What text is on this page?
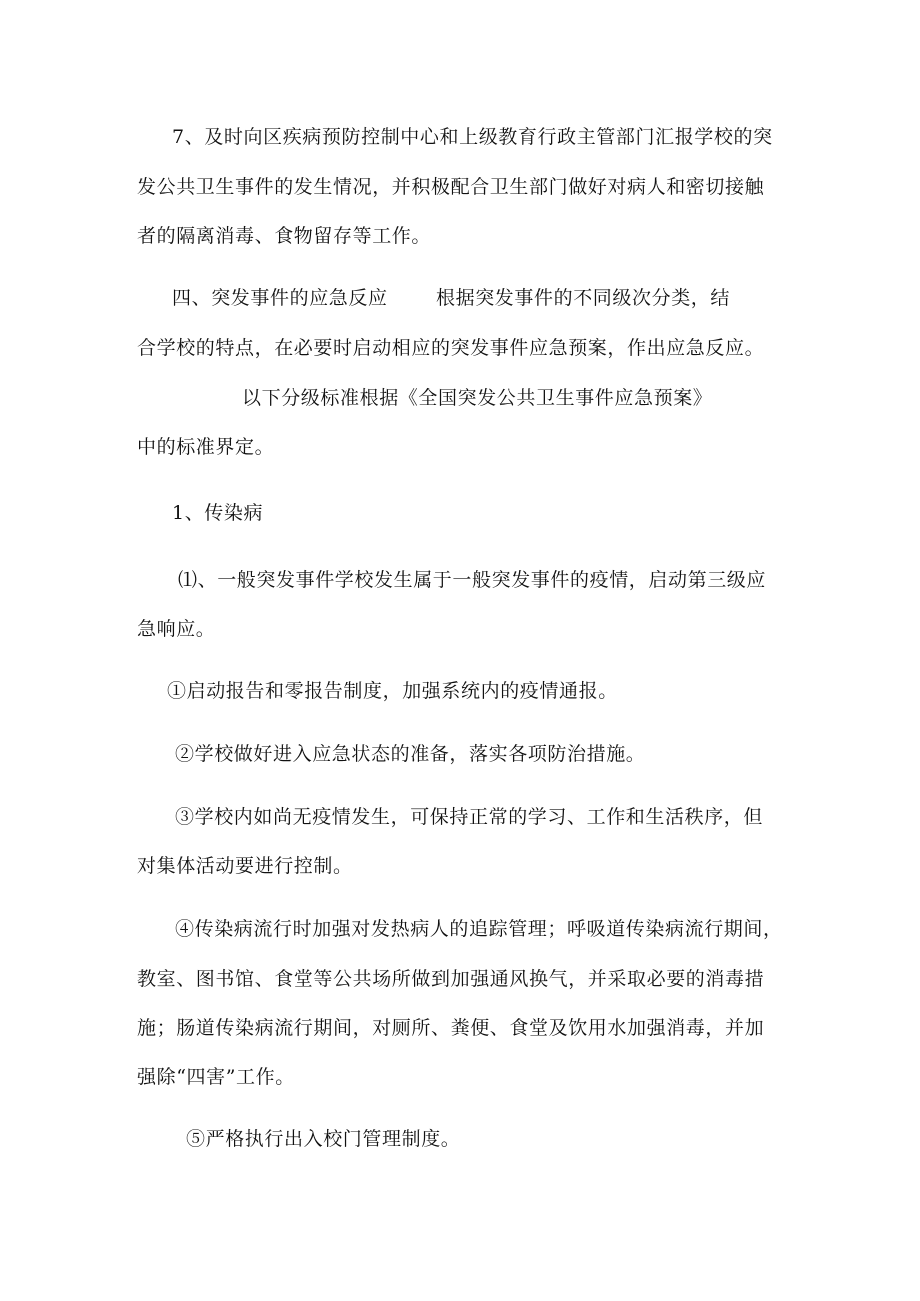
7、及时向区疾病预防控制中心和上级教育行政主管部门汇报学校的突
发公共卫生事件的发生情况，并积极配合卫生部门做好对病人和密切接触
者的隔离消毒、食物留存等工作。
四、突发事件的应急反应	根据突发事件的不同级次分类，结
合学校的特点，在必要时启动相应的突发事件应急预案，作出应急反应。
以下分级标准根据《全国突发公共卫生事件应急预案》
中的标准界定。
1、传染病
⑴、一般突发事件学校发生属于一般突发事件的疫情，启动第三级应
急响应。
①启动报告和零报告制度，加强系统内的疫情通报。
②学校做好进入应急状态的准备，落实各项防治措施。
③学校内如尚无疫情发生，可保持正常的学习、工作和生活秩序，但
对集体活动要进行控制。
④传染病流行时加强对发热病人的追踪管理；呼吸道传染病流行期间，
教室、图书馆、食堂等公共场所做到加强通风换气，并采取必要的消毒措
施；肠道传染病流行期间，对厕所、粪便、食堂及饮用水加强消毒，并加
强除“四害”工作。
⑤严格执行出入校门管理制度。
